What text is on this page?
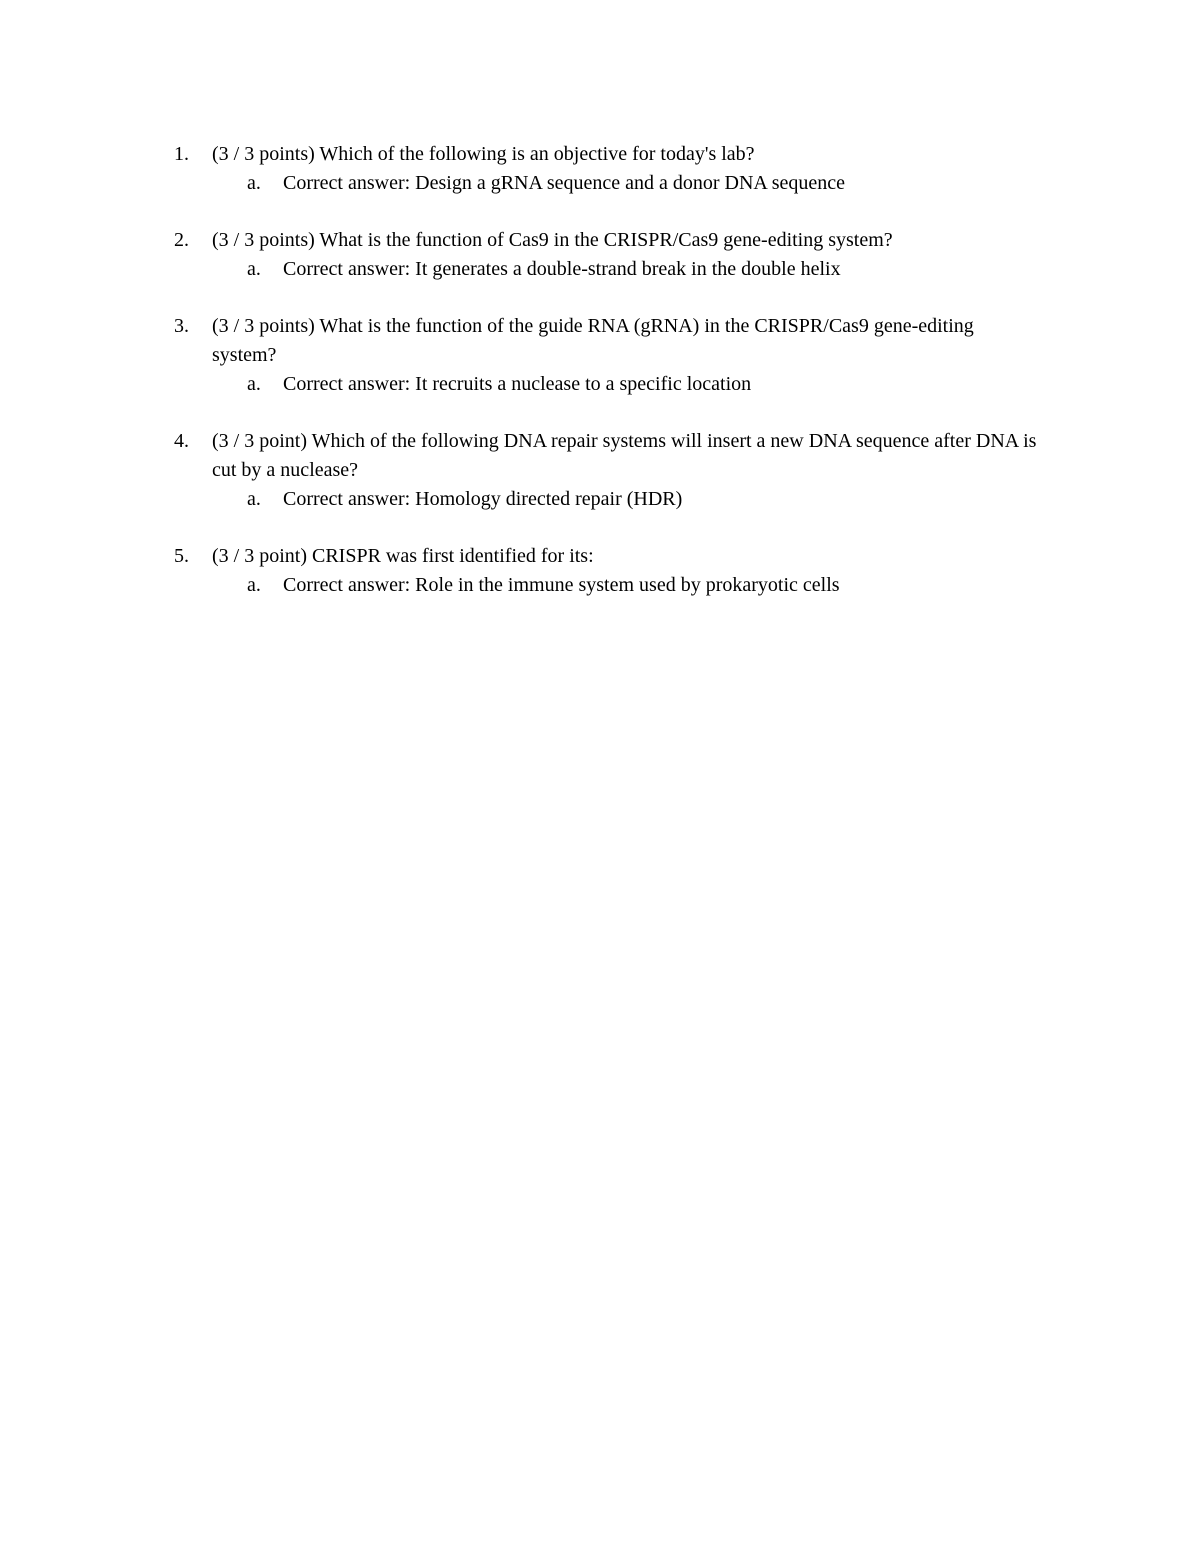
1.	(3 / 3 points) Which of the following is an objective for today's lab?
a. Correct answer: Design a gRNA sequence and a donor DNA sequence
2.	(3 / 3 points) What is the function of Cas9 in the CRISPR/Cas9 gene-editing system?
a. Correct answer: It generates a double-strand break in the double helix
3.	(3 / 3 points) What is the function of the guide RNA (gRNA) in the CRISPR/Cas9 gene-editing system?
a. Correct answer: It recruits a nuclease to a specific location
4.	(3 / 3 point) Which of the following DNA repair systems will insert a new DNA sequence after DNA is cut by a nuclease?
a. Correct answer: Homology directed repair (HDR)
5.	(3 / 3 point) CRISPR was first identified for its:
a. Correct answer: Role in the immune system used by prokaryotic cells
